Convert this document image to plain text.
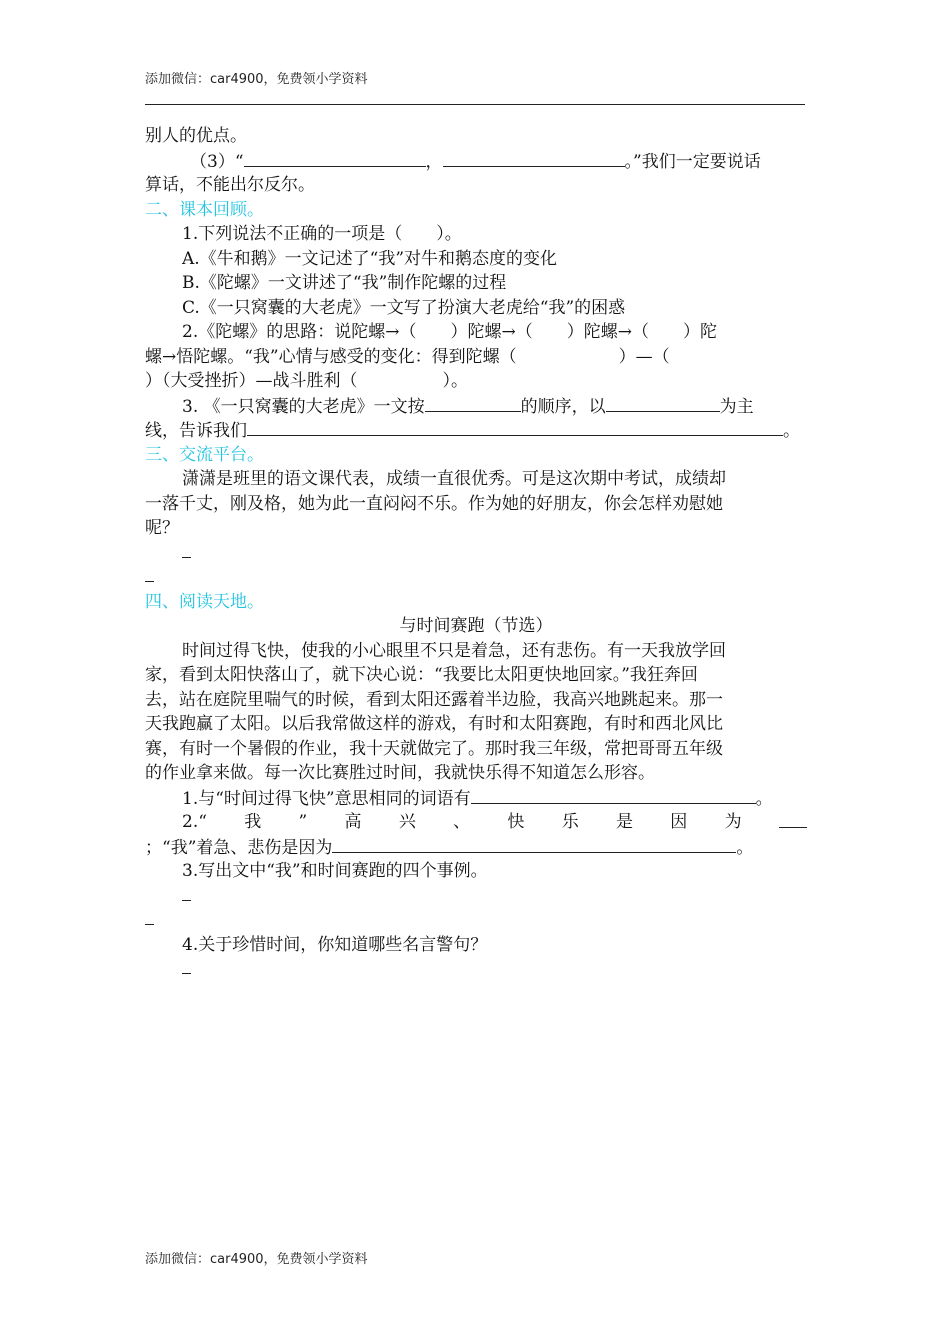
添加微信：car4900，免费领小学资料
别人的优点。
（3）“	，	。”我们一定要说话
算话，不能出尔反尔。
二、课本回顾。
1.下列说法不正确的一项是（　　）。
A.《牛和鹅》一文记述了“我”对牛和鹅态度的变化
B.《陀螺》一文讲述了“我”制作陀螺的过程
C.《一只窝囊的大老虎》一文写了扮演大老虎给“我”的困惑
2.《陀螺》的思路：说陀螺→（　　）陀螺→（　　）陀螺→（　　）陀
螺→悟陀螺。“我”心情与感受的变化：得到陀螺（　　　　　　）—（
）（大受挫折）—战斗胜利（　　　　　）。
3. 《一只窝囊的大老虎》一文按	的顺序，以	为主
线，告诉我们	。
三、交流平台。
潇潇是班里的语文课代表，成绩一直很优秀。可是这次期中考试，成绩却
一落千丈，刚及格，她为此一直闷闷不乐。作为她的好朋友，你会怎样劝慰她
呢？
四、阅读天地。
与时间赛跑（节选）
时间过得飞快，使我的小心眼里不只是着急，还有悲伤。有一天我放学回
家，看到太阳快落山了，就下决心说：“我要比太阳更快地回家。”我狂奔回
去，站在庭院里喘气的时候，看到太阳还露着半边脸，我高兴地跳起来。那一
天我跑赢了太阳。以后我常做这样的游戏，有时和太阳赛跑，有时和西北风比
赛，有时一个暑假的作业，我十天就做完了。那时我三年级，常把哥哥五年级
的作业拿来做。每一次比赛胜过时间，我就快乐得不知道怎么形容。
1.与“时间过得飞快”意思相同的词语有	。
2.“ 我 ” 高 兴 、 快 乐 是 因 为
；“我”着急、悲伤是因为	。
3.写出文中“我”和时间赛跑的四个事例。
4.关于珍惜时间，你知道哪些名言警句？
添加微信：car4900，免费领小学资料
